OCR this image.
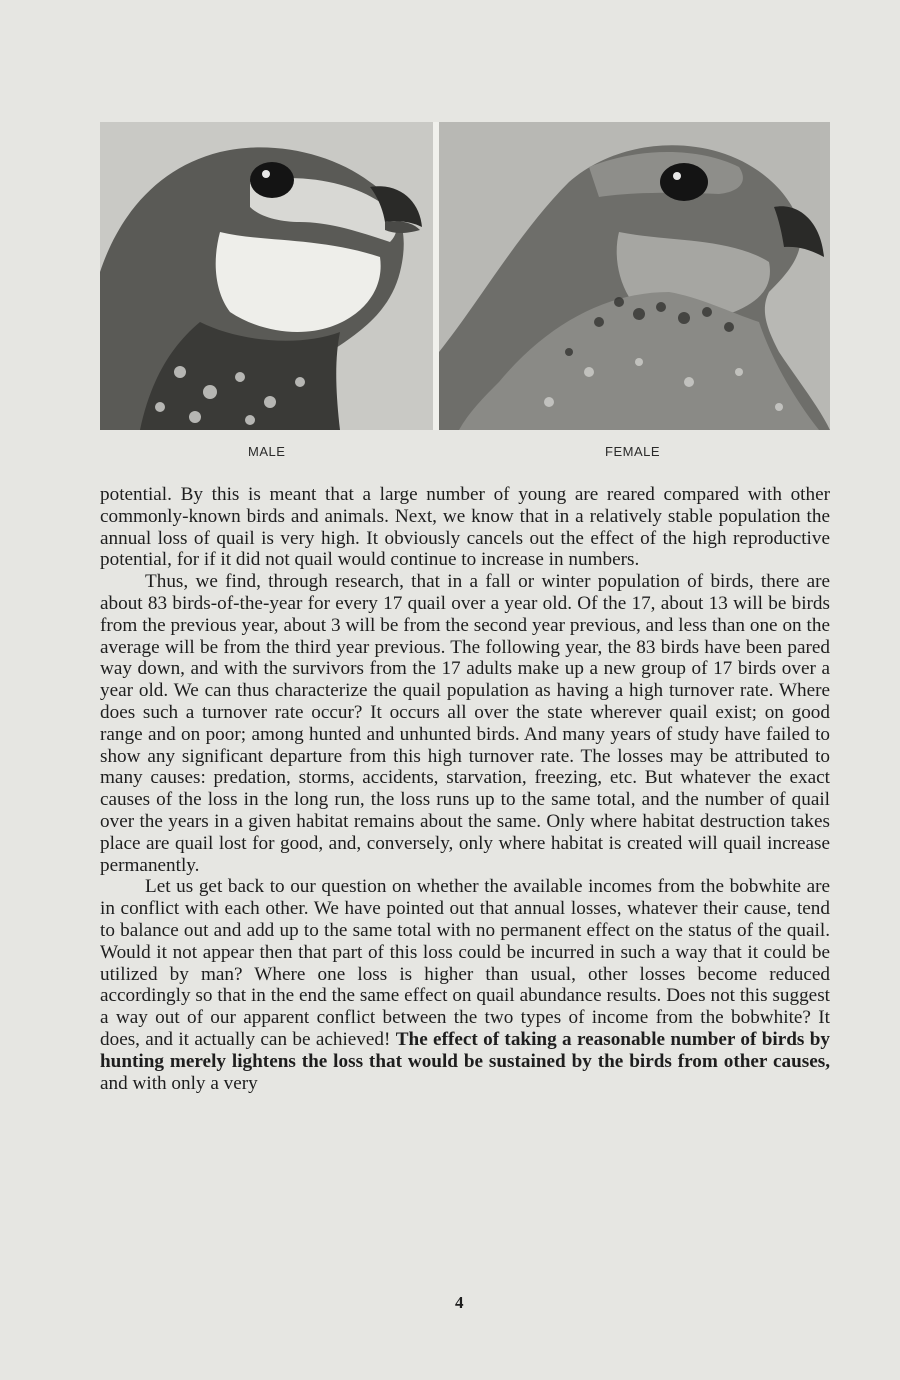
MALE	FEMALE

potential. By this is meant that a large number of young are reared compared with other commonly-known birds and animals. Next, we know that in a relatively stable population the annual loss of quail is very high. It obviously cancels out the effect of the high reproductive potential, for if it did not quail would continue to increase in numbers.

Thus, we find, through research, that in a fall or winter population of birds, there are about 83 birds-of-the-year for every 17 quail over a year old. Of the 17, about 13 will be birds from the previous year, about 3 will be from the second year previous, and less than one on the average will be from the third year previous. The following year, the 83 birds have been pared way down, and with the survivors from the 17 adults make up a new group of 17 birds over a year old. We can thus characterize the quail population as having a high turnover rate. Where does such a turnover rate occur? It occurs all over the state wherever quail exist; on good range and on poor; among hunted and unhunted birds. And many years of study have failed to show any significant departure from this high turnover rate. The losses may be attributed to many causes: predation, storms, accidents, starvation, freezing, etc. But whatever the exact causes of the loss in the long run, the loss runs up to the same total, and the number of quail over the years in a given habitat remains about the same. Only where habitat destruction takes place are quail lost for good, and, conversely, only where habitat is created will quail increase permanently.

Let us get back to our question on whether the available incomes from the bobwhite are in conflict with each other. We have pointed out that annual losses, whatever their cause, tend to balance out and add up to the same total with no permanent effect on the status of the quail. Would it not appear then that part of this loss could be incurred in such a way that it could be utilized by man? Where one loss is higher than usual, other losses become reduced accordingly so that in the end the same effect on quail abundance results. Does not this suggest a way out of our apparent conflict between the two types of income from the bobwhite? It does, and it actually can be achieved! The effect of taking a reasonable number of birds by hunting merely lightens the loss that would be sustained by the birds from other causes, and with only a very

4
